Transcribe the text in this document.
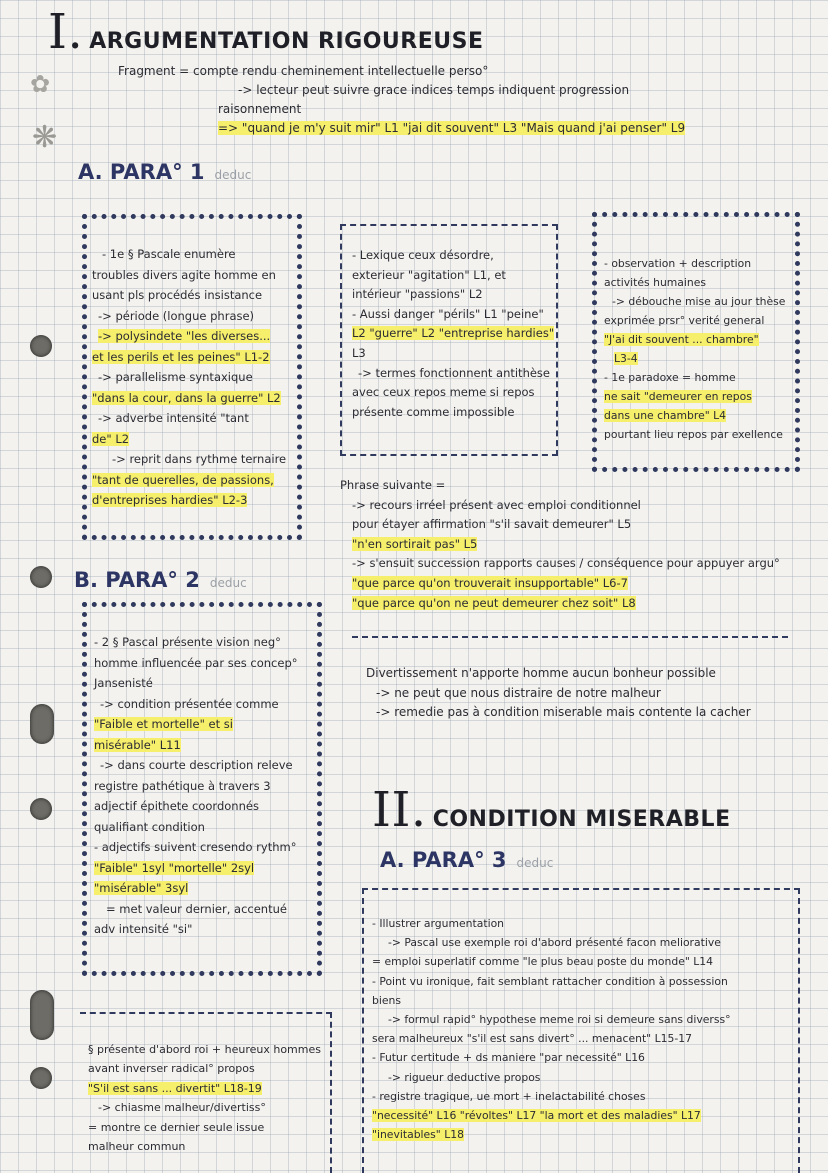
✿
❋
I. ARGUMENTATION RIGOUREUSE
Fragment = compte rendu cheminement intellectuelle perso°
-> lecteur peut suivre grace indices temps indiquent progression
raisonnement
=> "quand je m'y suit mir" L1 "jai dit souvent" L3 "Mais quand j'ai penser" L9
A. PARA° 1 deduc
- 1e § Pascale enumère
troubles divers agite homme en
usant pls procédés insistance
-> période (longue phrase)
-> polysindete "les diverses...
et les perils et les peines" L1-2
-> parallelisme syntaxique
"dans la cour, dans la guerre" L2
-> adverbe intensité "tant
de" L2
-> reprit dans rythme ternaire
"tant de querelles, de passions,
d'entreprises hardies" L2-3
- Lexique ceux désordre,
exterieur "agitation" L1, et
intérieur "passions" L2
- Aussi danger "périls" L1 "peine"
L2 "guerre" L2 "entreprise hardies"
L3
-> termes fonctionnent antithèse
avec ceux repos meme si repos
présente comme impossible
- observation + description
activités humaines
-> débouche mise au jour thèse
exprimée prsr° verité general
"J'ai dit souvent ... chambre"
L3-4
- 1e paradoxe = homme
ne sait "demeurer en repos
dans une chambre" L4
pourtant lieu repos par exellence
Phrase suivante =
-> recours irréel présent avec emploi conditionnel
pour étayer affirmation "s'il savait demeurer" L5
"n'en sortirait pas" L5
-> s'ensuit succession rapports causes / conséquence pour appuyer argu°
"que parce qu'on trouverait insupportable" L6-7
"que parce qu'on ne peut demeurer chez soit" L8
B. PARA° 2 deduc
- 2 § Pascal présente vision neg°
homme influencée par ses concep°
Jansenisté
-> condition présentée comme
"Faible et mortelle" et si
misérable" L11
-> dans courte description releve
registre pathétique à travers 3
adjectif épithete coordonnés
qualifiant condition
- adjectifs suivent cresendo rythm°
"Faible" 1syl "mortelle" 2syl
"misérable" 3syl
= met valeur dernier, accentué
adv intensité "si"
Divertissement n'apporte homme aucun bonheur possible
-> ne peut que nous distraire de notre malheur
-> remedie pas à condition miserable mais contente la cacher
II. CONDITION MISERABLE
A. PARA° 3 deduc
§ présente d'abord roi + heureux hommes
avant inverser radical° propos
"S'il est sans ... divertit" L18-19
-> chiasme malheur/divertiss°
= montre ce dernier seule issue
malheur commun
- Illustrer argumentation
-> Pascal use exemple roi d'abord présenté facon meliorative
= emploi superlatif comme "le plus beau poste du monde" L14
- Point vu ironique, fait semblant rattacher condition à possession
biens
-> formul rapid° hypothese meme roi si demeure sans diverss°
sera malheureux "s'il est sans divert° ... menacent" L15-17
- Futur certitude + ds maniere "par necessité" L16
-> rigueur deductive propos
- registre tragique, ue mort + inelactabilité choses
"necessité" L16 "révoltes" L17 "la mort et des maladies" L17
"inevitables" L18
